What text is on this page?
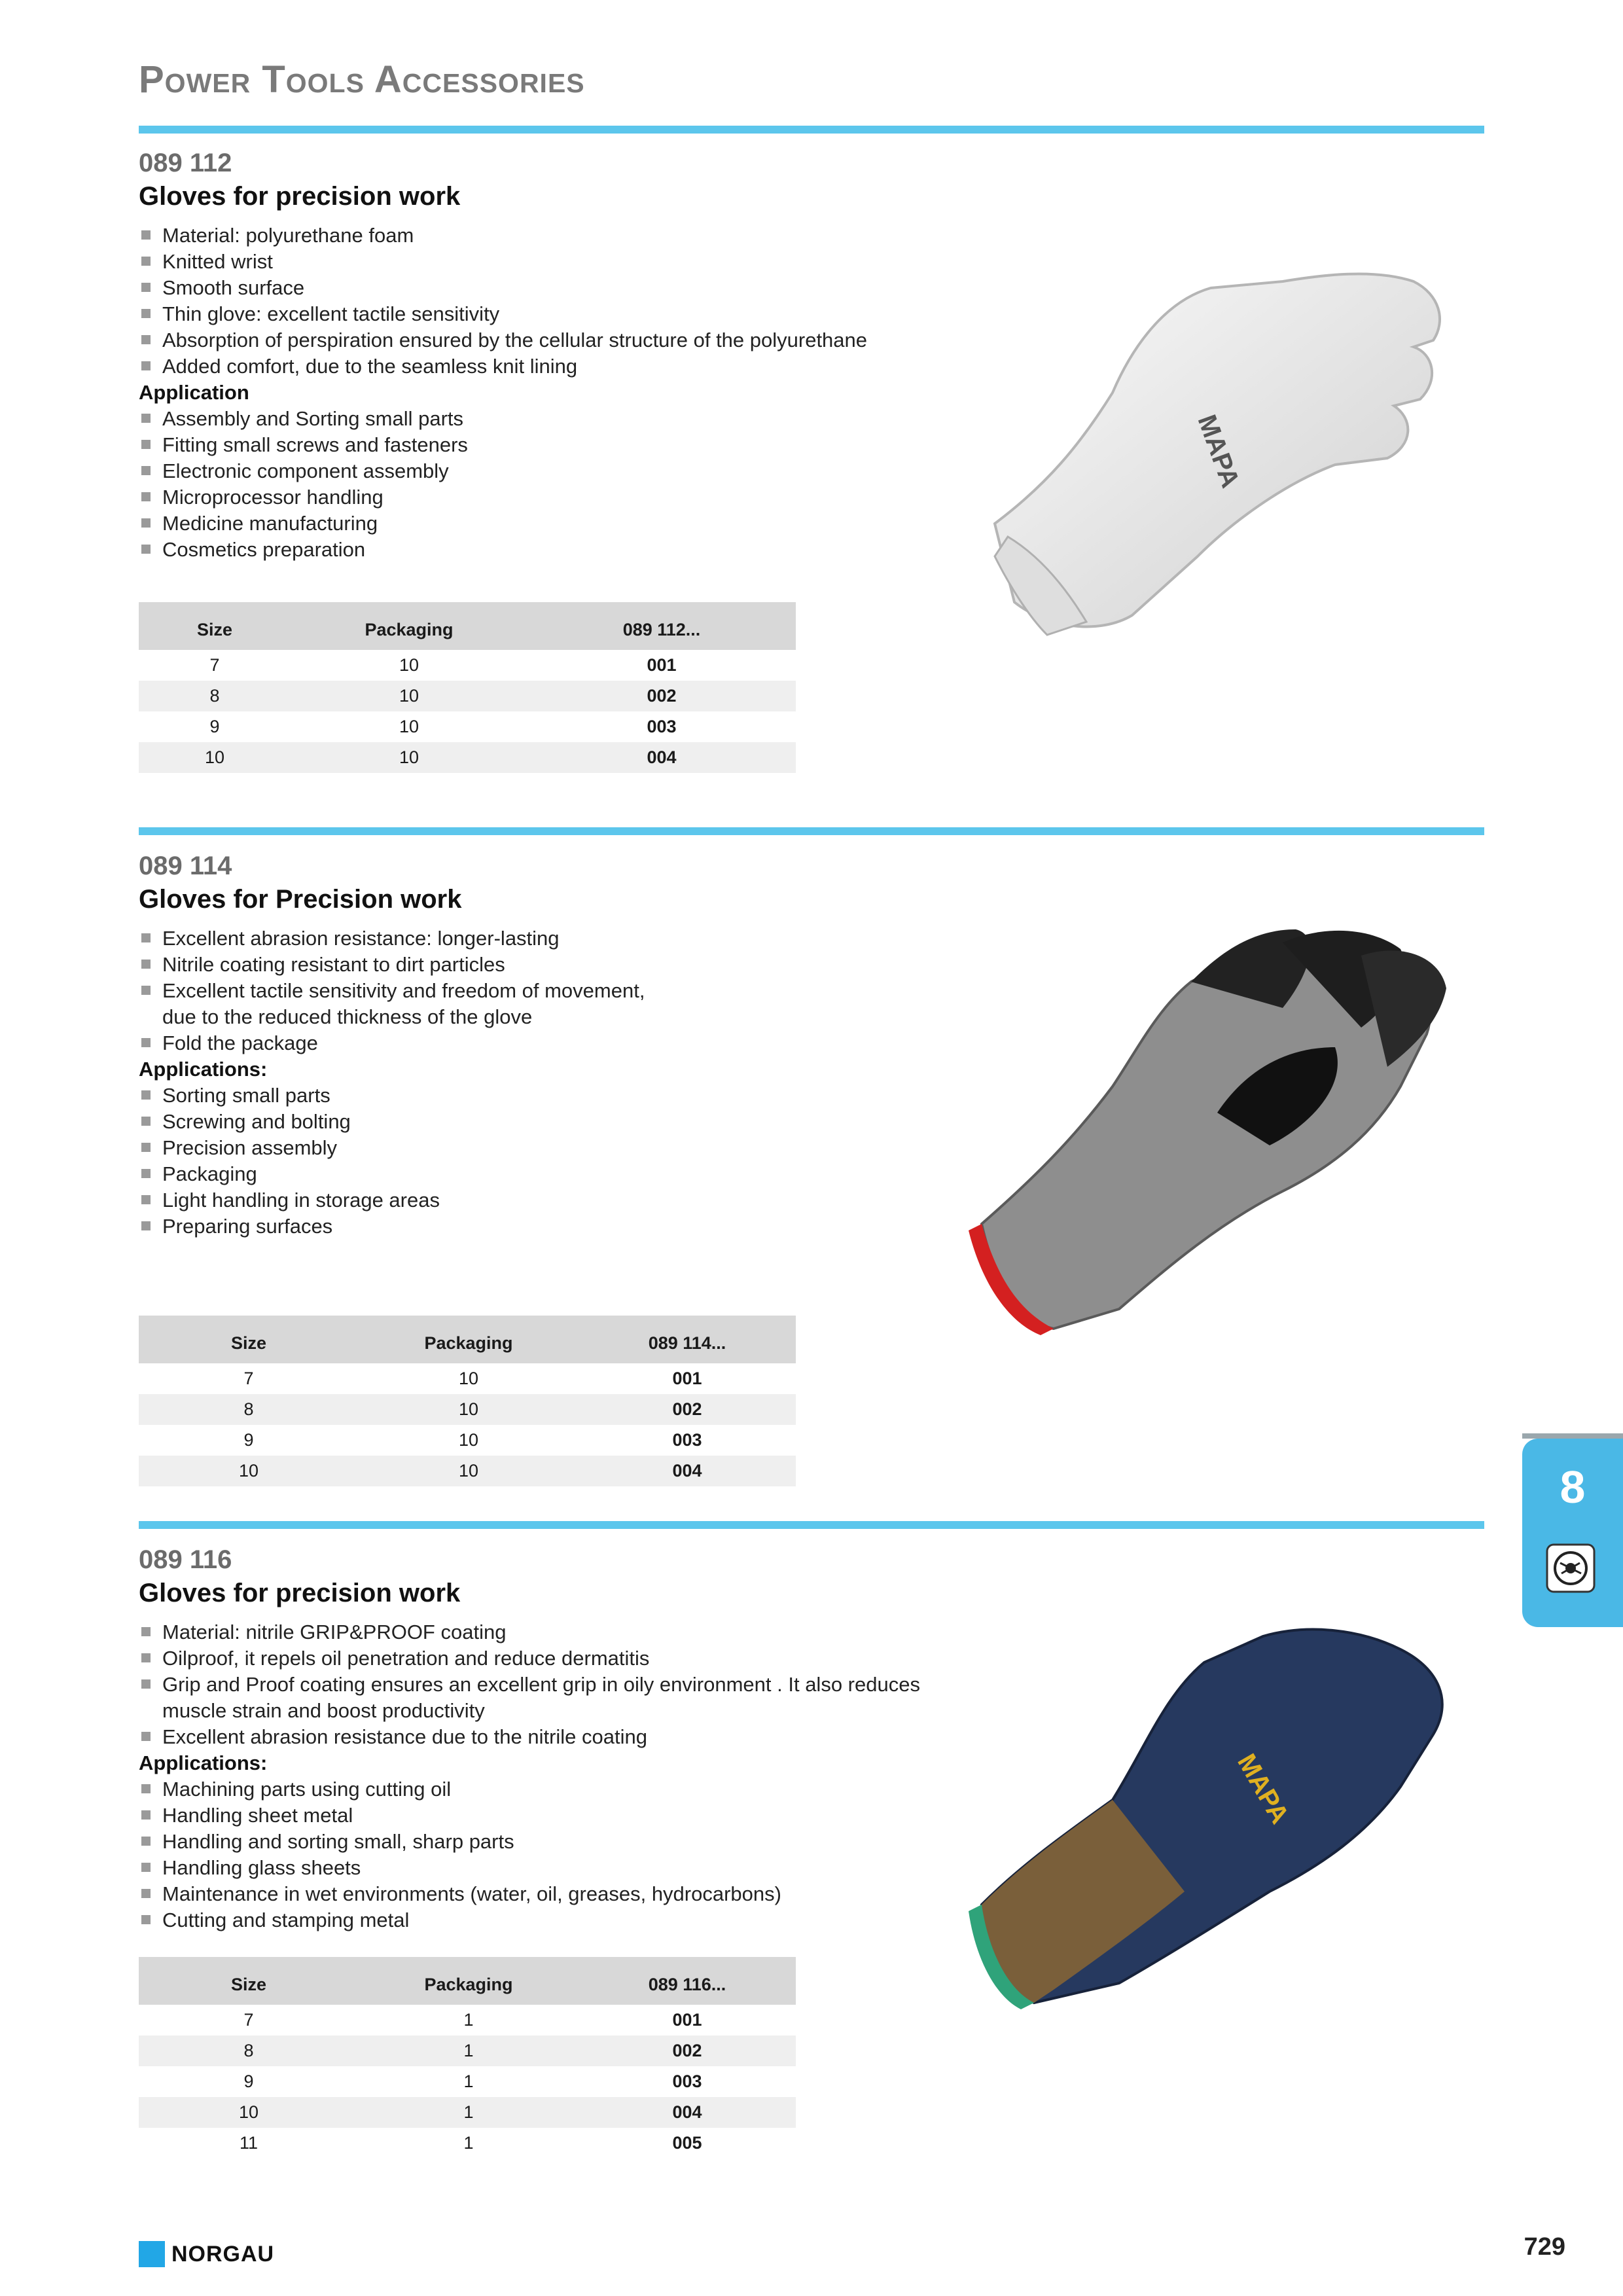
Power Tools Accessories

089 112

Gloves for precision work

Material: polyurethane foam
Knitted wrist
Smooth surface
Thin glove: excellent tactile sensitivity
Absorption of perspiration ensured by the cellular structure of the polyurethane
Added comfort, due to the seamless knit lining

Application

Assembly and Sorting small parts
Fitting small screws and fasteners
Electronic component assembly
Microprocessor handling
Medicine manufacturing
Cosmetics preparation
Size	Packaging	089 112...
7	10	001
8	10	002
9	10	003
10	10	004
MAPA

089 114

Gloves for Precision work

Excellent abrasion resistance: longer-lasting
Nitrile coating resistant to dirt particles
Excellent tactile sensitivity and freedom of movement,
due to the reduced thickness of the glove
Fold the package

Applications:

Sorting small parts
Screwing and bolting
Precision assembly
Packaging
Light handling in storage areas
Preparing surfaces
Size	Packaging	089 114...
7	10	001
8	10	002
9	10	003
10	10	004

089 116

Gloves for precision work

Material: nitrile GRIP&PROOF coating
Oilproof, it repels oil penetration and reduce dermatitis
Grip and Proof coating ensures an excellent grip in oily environment . It also reduces
muscle strain and boost productivity
Excellent abrasion resistance due to the nitrile coating

Applications:

Machining parts using cutting oil
Handling sheet metal
Handling and sorting small, sharp parts
Handling glass sheets
Maintenance in wet environments (water, oil, greases, hydrocarbons)
Cutting and stamping metal
Size	Packaging	089 116...
7	1	001
8	1	002
9	1	003
10	1	004
11	1	005
MAPA
8
NORGAU	729
